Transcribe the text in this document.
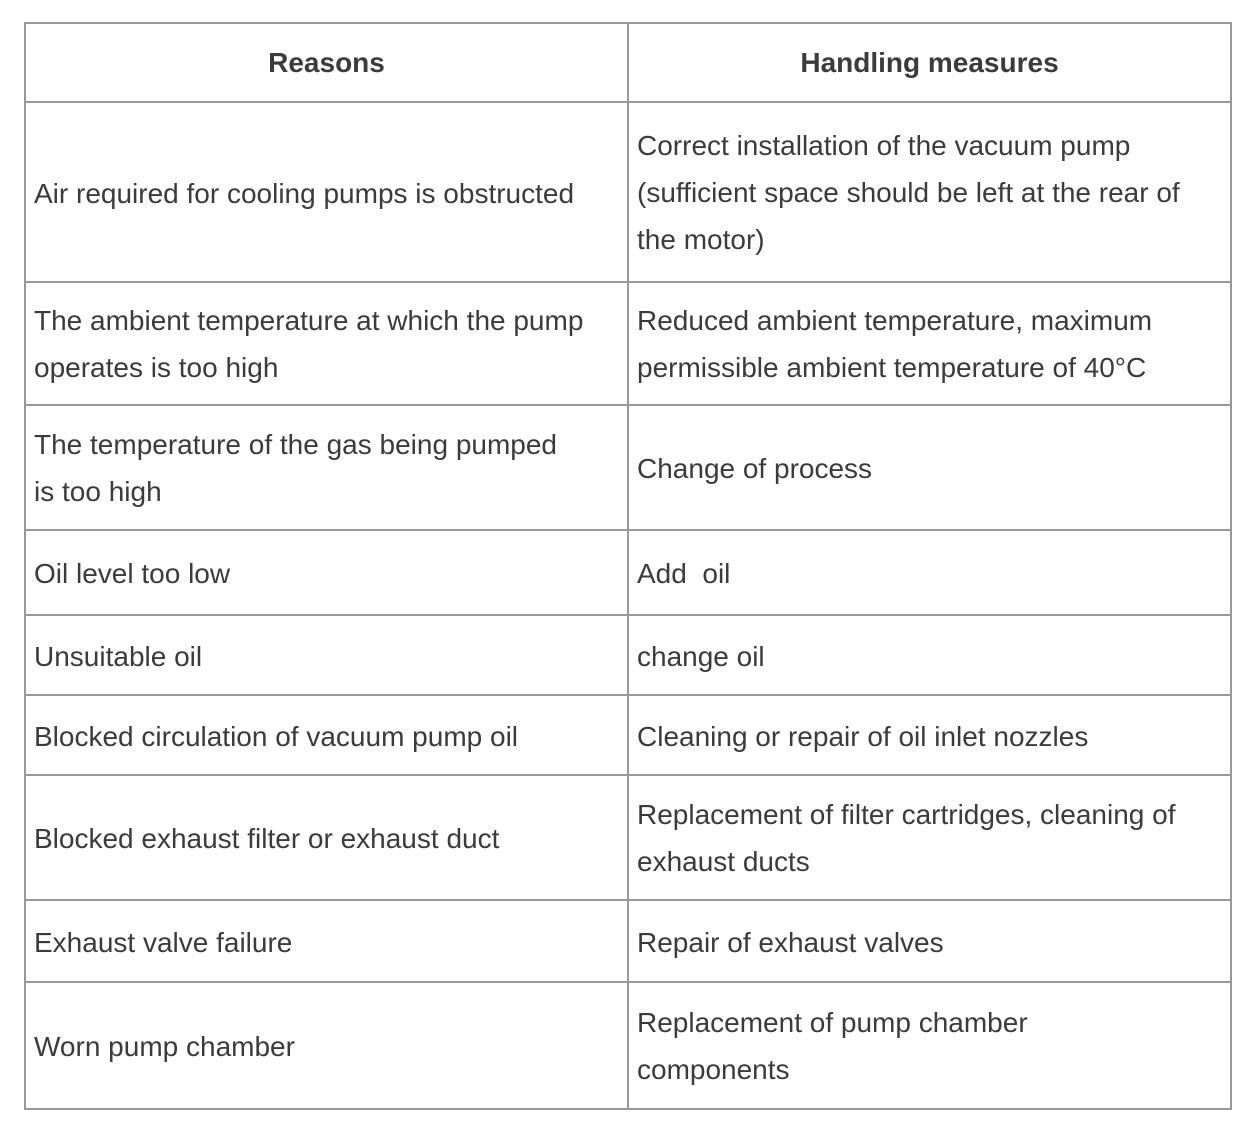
Reasons	Handling measures
Air required for cooling pumps is obstructed	Correct installation of the vacuum pump (sufficient space should be left at the rear of the motor)
The ambient temperature at which the pump operates is too high	Reduced ambient temperature, maximum permissible ambient temperature of 40°C
The temperature of the gas being pumped is too high	Change of process
Oil level too low	Add  oil
Unsuitable oil	change oil
Blocked circulation of vacuum pump oil	Cleaning or repair of oil inlet nozzles
Blocked exhaust filter or exhaust duct	Replacement of filter cartridges, cleaning of exhaust ducts
Exhaust valve failure	Repair of exhaust valves
Worn pump chamber	Replacement of pump chamber components
